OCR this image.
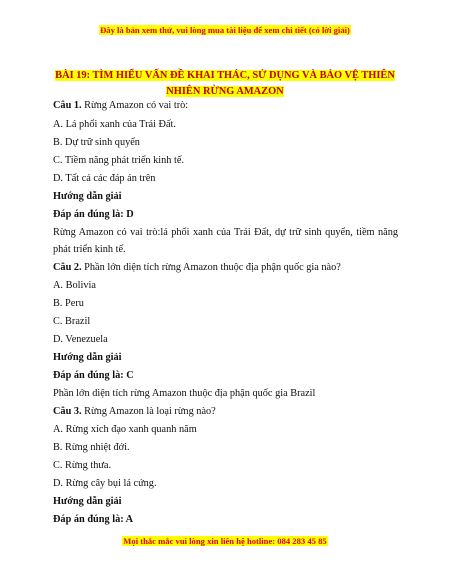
Đây là bản xem thử, vui lòng mua tài liệu để xem chi tiết (có lời giải)
BÀI 19: TÌM HIỂU VẤN ĐỀ KHAI THÁC, SỬ DỤNG VÀ BẢO VỆ THIÊN NHIÊN RỪNG AMAZON
Câu 1. Rừng Amazon có vai trò:
A. Lá phổi xanh của Trái Đất.
B. Dự trữ sinh quyển
C. Tiềm năng phát triển kinh tế.
D. Tất cả các đáp án trên
Hướng dẫn giải
Đáp án đúng là: D
Rừng Amazon có vai trò:lá phổi xanh của Trái Đất, dự trữ sinh quyển, tiềm năng phát triển kinh tế.
Câu 2. Phần lớn diện tích rừng Amazon thuộc địa phận quốc gia nào?
A. Bolivia
B. Peru
C. Brazil
D. Venezuela
Hướng dẫn giải
Đáp án đúng là: C
Phần lớn diện tích rừng Amazon thuộc địa phận quốc gia Brazil
Câu 3. Rừng Amazon là loại rừng nào?
A. Rừng xích đạo xanh quanh năm
B. Rừng nhiệt đới.
C. Rừng thưa.
D. Rừng cây bụi lá cứng.
Hướng dẫn giải
Đáp án đúng là: A
Mọi thắc mắc vui lòng xin liên hệ hotline: 084 283 45 85
